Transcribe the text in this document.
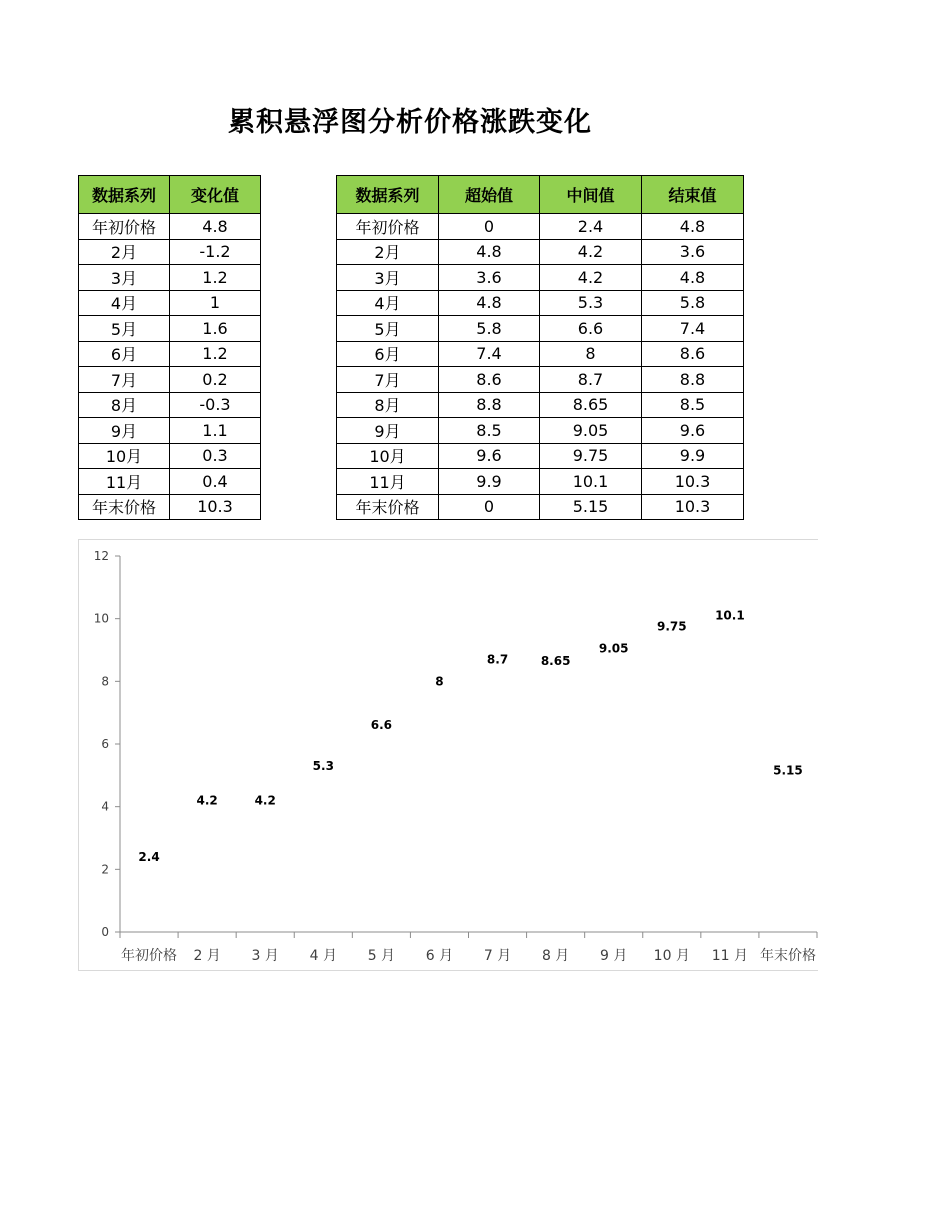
累积悬浮图分析价格涨跌变化
数据系列	变化值
年初价格	4.8
2月	-1.2
3月	1.2
4月	1
5月	1.6
6月	1.2
7月	0.2
8月	-0.3
9月	1.1
10月	0.3
11月	0.4
年末价格	10.3
数据系列	超始值	中间值	结束值
年初价格	0	2.4	4.8
2月	4.8	4.2	3.6
3月	3.6	4.2	4.8
4月	4.8	5.3	5.8
5月	5.8	6.6	7.4
6月	7.4	8	8.6
7月	8.6	8.7	8.8
8月	8.8	8.65	8.5
9月	8.5	9.05	9.6
10月	9.6	9.75	9.9
11月	9.9	10.1	10.3
年末价格	0	5.15	10.3
0
2
4
6
8
10
12
年初价格 2 月 3 月 4 月 5 月 6 月 7 月 8 月 9 月 10 月 11 月 年末价格
2.4
4.2	4.2
5.3
6.6
8
8.7	8.65
9.05
9.75
10.1
5.15
